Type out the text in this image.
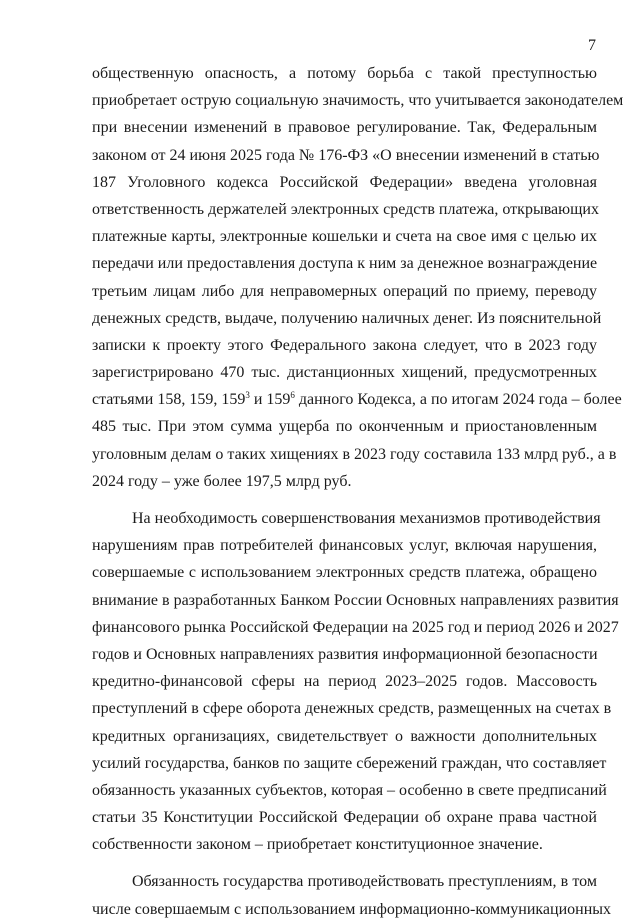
7
общественную опасность, а потому борьба с такой преступностью
приобретает острую социальную значимость, что учитывается законодателем
при внесении изменений в правовое регулирование. Так, Федеральным
законом от 24 июня 2025 года № 176-ФЗ «О внесении изменений в статью
187 Уголовного кодекса Российской Федерации» введена уголовная
ответственность держателей электронных средств платежа, открывающих
платежные карты, электронные кошельки и счета на свое имя с целью их
передачи или предоставления доступа к ним за денежное вознаграждение
третьим лицам либо для неправомерных операций по приему, переводу
денежных средств, выдаче, получению наличных денег. Из пояснительной
записки к проекту этого Федерального закона следует, что в 2023 году
зарегистрировано 470 тыс. дистанционных хищений, предусмотренных
статьями 158, 159, $159^3$ и $159^6$ данного Кодекса, а по итогам 2024 года – более
485 тыс. При этом сумма ущерба по оконченным и приостановленным
уголовным делам о таких хищениях в 2023 году составила 133 млрд руб., а в
2024 году – уже более 197,5 млрд руб.
На необходимость совершенствования механизмов противодействия
нарушениям прав потребителей финансовых услуг, включая нарушения,
совершаемые с использованием электронных средств платежа, обращено
внимание в разработанных Банком России Основных направлениях развития
финансового рынка Российской Федерации на 2025 год и период 2026 и 2027
годов и Основных направлениях развития информационной безопасности
кредитно-финансовой сферы на период 2023–2025 годов. Массовость
преступлений в сфере оборота денежных средств, размещенных на счетах в
кредитных организациях, свидетельствует о важности дополнительных
усилий государства, банков по защите сбережений граждан, что составляет
обязанность указанных субъектов, которая – особенно в свете предписаний
статьи 35 Конституции Российской Федерации об охране права частной
собственности законом – приобретает конституционное значение.
Обязанность государства противодействовать преступлениям, в том
числе совершаемым с использованием информационно-коммуникационных
